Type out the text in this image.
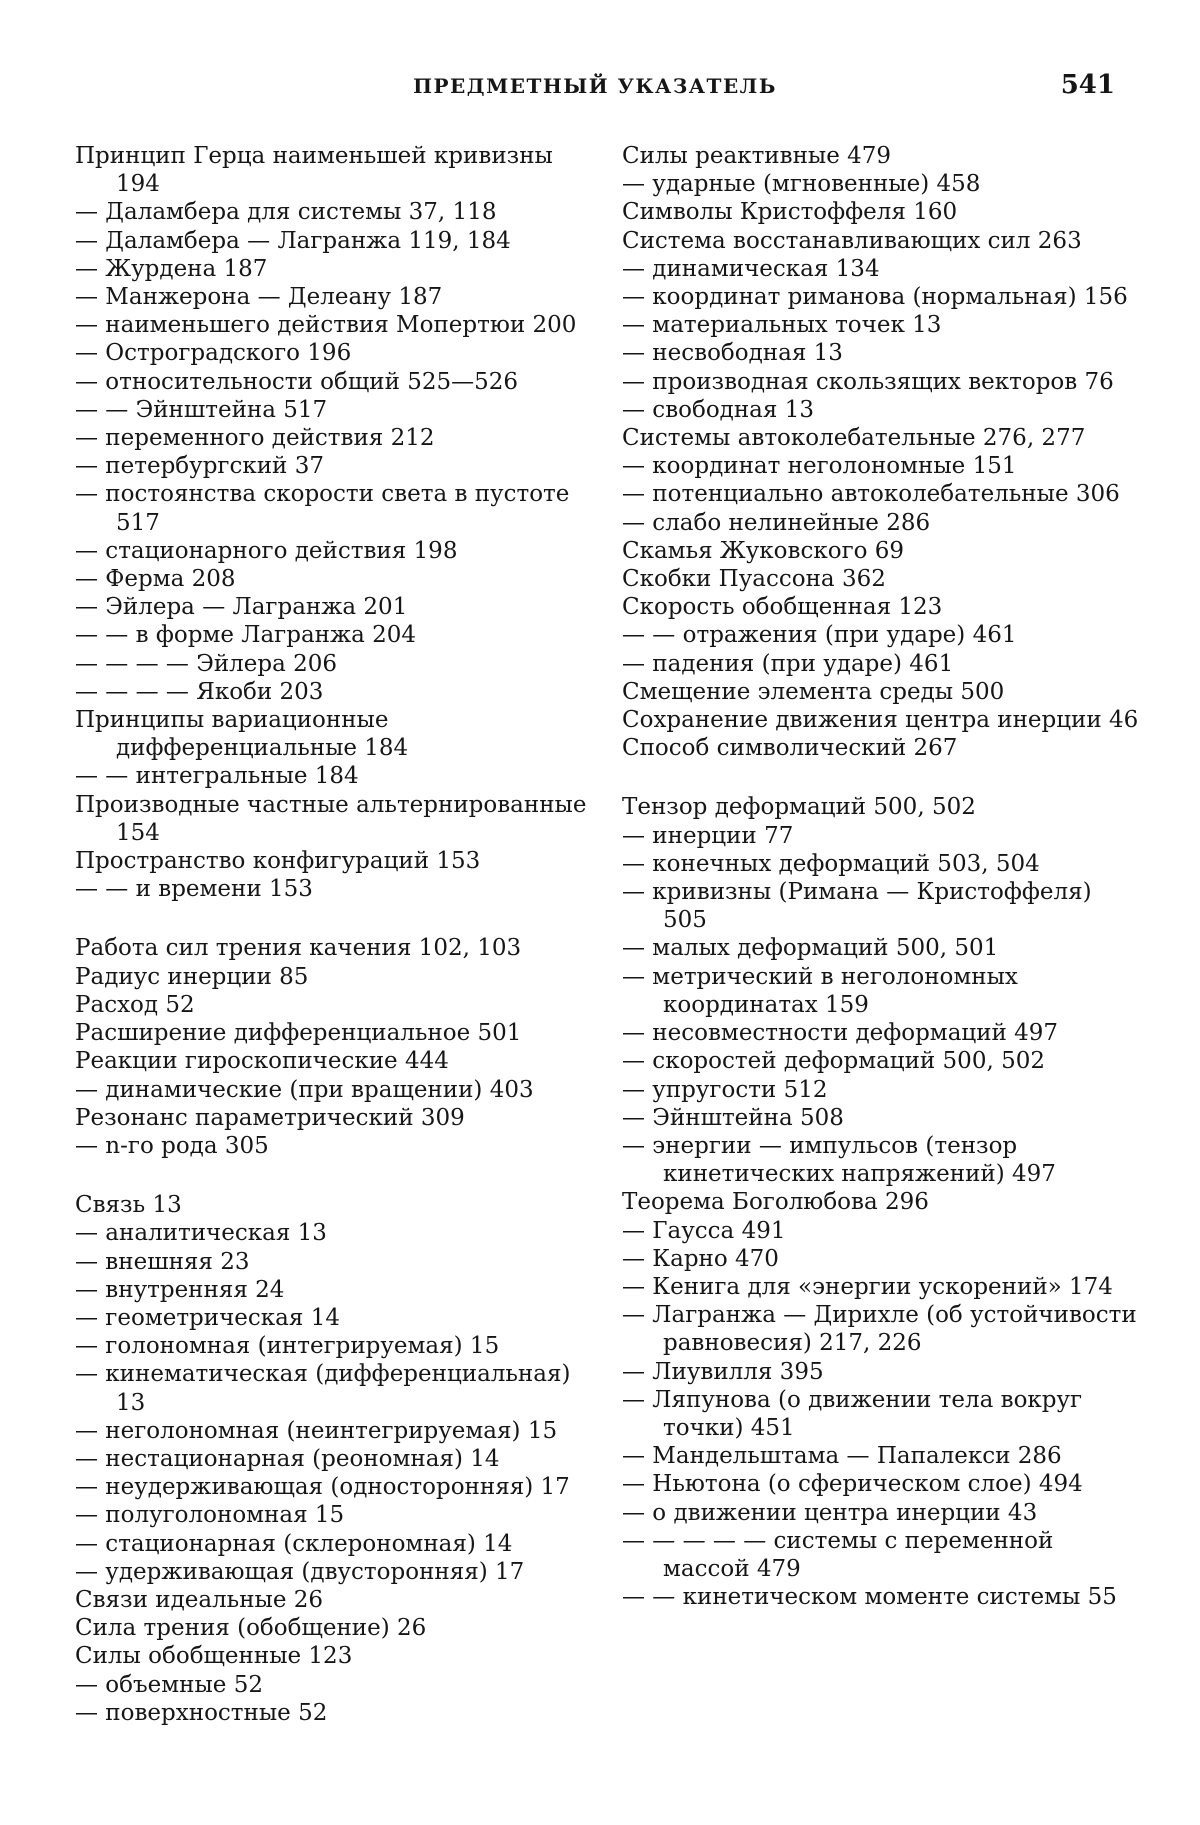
ПРЕДМЕТНЫЙ УКАЗАТЕЛЬ	541
Принцип Герца наименьшей кривизны 194
— Даламбера для системы 37, 118
— Даламбера — Лагранжа 119, 184
— Журдена 187
— Манжерона — Делеану 187
— наименьшего действия Мопертюи 200
— Остроградского 196
— относительности общий 525—526
— — Эйнштейна 517
— переменного действия 212
— петербургский 37
— постоянства скорости света в пустоте 517
— стационарного действия 198
— Ферма 208
— Эйлера — Лагранжа 201
— — в форме Лагранжа 204
— — — — Эйлера 206
— — — — Якоби 203
Принципы вариационные дифференциальные 184
— — интегральные 184
Производные частные альтернированные 154
Пространство конфигураций 153
— — и времени 153
Работа сил трения качения 102, 103
Радиус инерции 85
Расход 52
Расширение дифференциальное 501
Реакции гироскопические 444
— динамические (при вращении) 403
Резонанс параметрический 309
— n-го рода 305
Связь 13
— аналитическая 13
— внешняя 23
— внутренняя 24
— геометрическая 14
— голономная (интегрируемая) 15
— кинематическая (дифференциальная) 13
— неголономная (неинтегрируемая) 15
— нестационарная (реономная) 14
— неудерживающая (односторонняя) 17
— полуголономная 15
— стационарная (склерономная) 14
— удерживающая (двусторонняя) 17
Связи идеальные 26
Сила трения (обобщение) 26
Силы обобщенные 123
— объемные 52
— поверхностные 52
Силы реактивные 479
— ударные (мгновенные) 458
Символы Кристоффеля 160
Система восстанавливающих сил 263
— динамическая 134
— координат римановa (нормальная) 156
— материальных точек 13
— несвободная 13
— производная скользящих векторов 76
— свободная 13
Системы автоколебательные 276, 277
— координат неголономные 151
— потенциально автоколебательные 306
— слабо нелинейные 286
Скамья Жуковского 69
Скобки Пуассона 362
Скорость обобщенная 123
— — отражения (при ударе) 461
— падения (при ударе) 461
Смещение элемента среды 500
Сохранение движения центра инерции 46
Способ символический 267
Тензор деформаций 500, 502
— инерции 77
— конечных деформаций 503, 504
— кривизны (Римана — Кристоффеля) 505
— малых деформаций 500, 501
— метрический в неголономных координатах 159
— несовместности деформаций 497
— скоростей деформаций 500, 502
— упругости 512
— Эйнштейна 508
— энергии — импульсов (тензор кинетических напряжений) 497
Теорема Боголюбова 296
— Гаусса 491
— Карно 470
— Кенига для «энергии ускорений» 174
— Лагранжа — Дирихле (об устойчивости равновесия) 217, 226
— Лиувилля 395
— Ляпунова (о движении тела вокруг точки) 451
— Мандельштама — Папалекси 286
— Ньютона (о сферическом слое) 494
— о движении центра инерции 43
— — — — — системы с переменной массой 479
— — кинетическом моменте системы 55
